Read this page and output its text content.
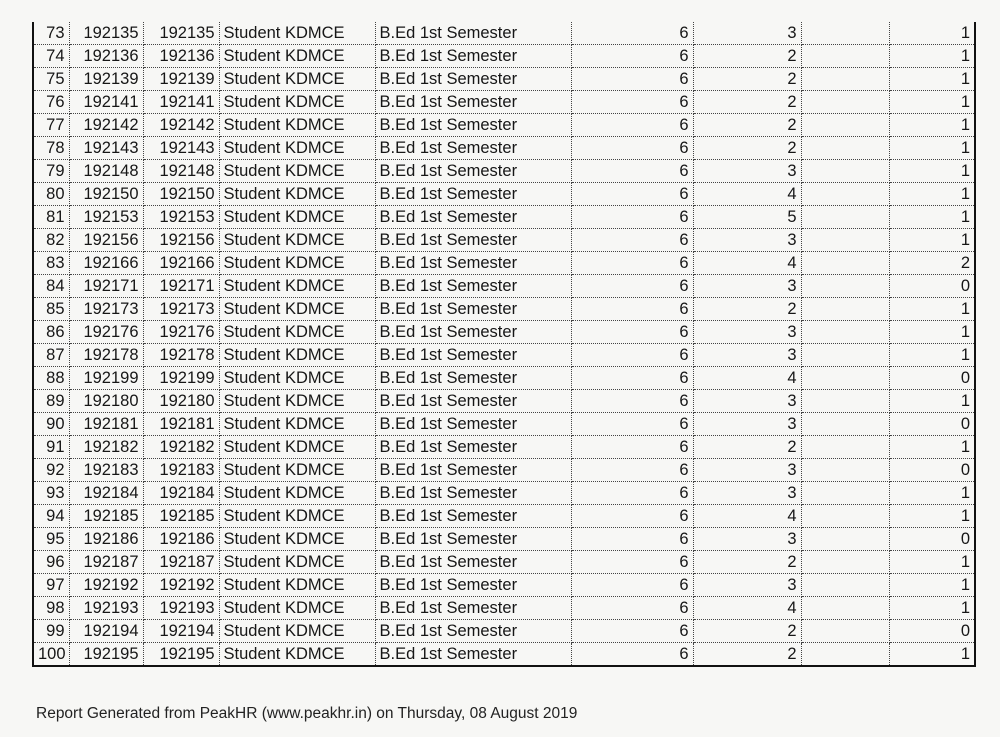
73	192135	192135	Student KDMCE	B.Ed 1st Semester	6	3		1
74	192136	192136	Student KDMCE	B.Ed 1st Semester	6	2		1
75	192139	192139	Student KDMCE	B.Ed 1st Semester	6	2		1
76	192141	192141	Student KDMCE	B.Ed 1st Semester	6	2		1
77	192142	192142	Student KDMCE	B.Ed 1st Semester	6	2		1
78	192143	192143	Student KDMCE	B.Ed 1st Semester	6	2		1
79	192148	192148	Student KDMCE	B.Ed 1st Semester	6	3		1
80	192150	192150	Student KDMCE	B.Ed 1st Semester	6	4		1
81	192153	192153	Student KDMCE	B.Ed 1st Semester	6	5		1
82	192156	192156	Student KDMCE	B.Ed 1st Semester	6	3		1
83	192166	192166	Student KDMCE	B.Ed 1st Semester	6	4		2
84	192171	192171	Student KDMCE	B.Ed 1st Semester	6	3		0
85	192173	192173	Student KDMCE	B.Ed 1st Semester	6	2		1
86	192176	192176	Student KDMCE	B.Ed 1st Semester	6	3		1
87	192178	192178	Student KDMCE	B.Ed 1st Semester	6	3		1
88	192199	192199	Student KDMCE	B.Ed 1st Semester	6	4		0
89	192180	192180	Student KDMCE	B.Ed 1st Semester	6	3		1
90	192181	192181	Student KDMCE	B.Ed 1st Semester	6	3		0
91	192182	192182	Student KDMCE	B.Ed 1st Semester	6	2		1
92	192183	192183	Student KDMCE	B.Ed 1st Semester	6	3		0
93	192184	192184	Student KDMCE	B.Ed 1st Semester	6	3		1
94	192185	192185	Student KDMCE	B.Ed 1st Semester	6	4		1
95	192186	192186	Student KDMCE	B.Ed 1st Semester	6	3		0
96	192187	192187	Student KDMCE	B.Ed 1st Semester	6	2		1
97	192192	192192	Student KDMCE	B.Ed 1st Semester	6	3		1
98	192193	192193	Student KDMCE	B.Ed 1st Semester	6	4		1
99	192194	192194	Student KDMCE	B.Ed 1st Semester	6	2		0
100	192195	192195	Student KDMCE	B.Ed 1st Semester	6	2		1
Report Generated from PeakHR (www.peakhr.in) on Thursday, 08 August 2019
